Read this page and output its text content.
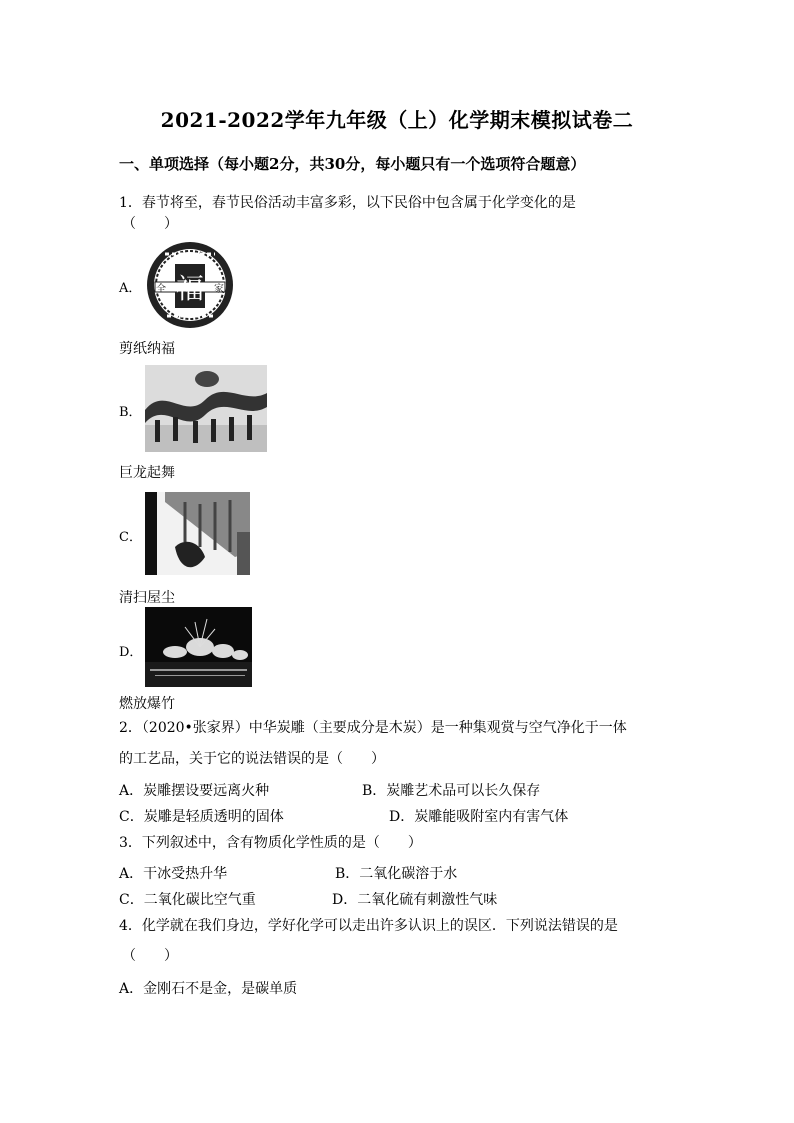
2021-2022学年九年级（上）化学期末模拟试卷二
一、单项选择（每小题2分，共30分，每小题只有一个选项符合题意）
1．春节将至，春节民俗活动丰富多彩，以下民俗中包含属于化学变化的是
（　　）
A． 福
全	家
剪纸纳福
B．
巨龙起舞
C．
清扫屋尘
D．
燃放爆竹
2．（2020•张家界）中华炭雕（主要成分是木炭）是一种集观赏与空气净化于一体
的工艺品，关于它的说法错误的是（　　）
A．炭雕摆设要远离火种	B．炭雕艺术品可以长久保存
C．炭雕是轻质透明的固体	D．炭雕能吸附室内有害气体
3．下列叙述中，含有物质化学性质的是（　　）
A．干冰受热升华	B．二氧化碳溶于水
C．二氧化碳比空气重	D．二氧化硫有刺激性气味
4．化学就在我们身边，学好化学可以走出许多认识上的误区．下列说法错误的是
（　　）
A．金刚石不是金，是碳单质
